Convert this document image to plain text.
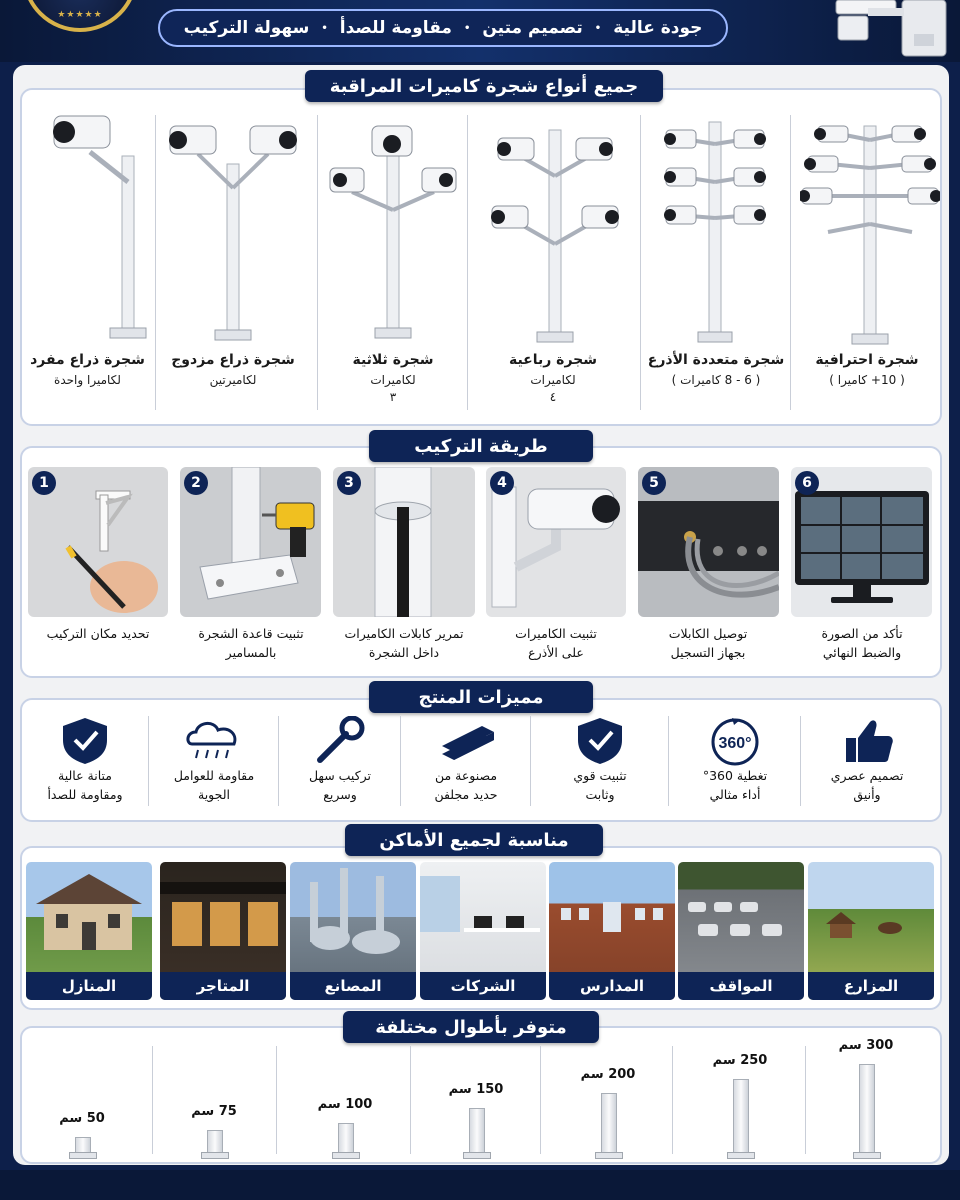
★★★★★
جودة عالية
•
تصميم متين
•
مقاومة للصدأ
•
سهولة التركيب
جميع أنواع شجرة كاميرات المراقبة
شجرة احترافية
( 10+ كاميرا )
شجرة متعددة الأذرع
( 6 - 8 كاميرات )
شجرة رباعية
لكاميرات
٤
شجرة ثلاثية
لكاميرات
٣
شجرة ذراع مزدوج
لكاميرتين
شجرة ذراع مفرد
لكاميرا واحدة
طريقة التركيب
1	2	3	4	5	6
تحديد مكان التركيب	تثبيت قاعدة الشجرة
بالمسامير
تمرير كابلات الكاميرات
داخل الشجرة
تثبيت الكاميرات
على الأذرع
توصيل الكابلات
بجهاز التسجيل
تأكد من الصورة
والضبط النهائي
مميزات المنتج
تصميم عصري
وأنيق
360°
تغطية 360°
أداء مثالي
تثبيت قوي
وثابت
مصنوعة من
حديد مجلفن
تركيب سهل
وسريع
مقاومة للعوامل
الجوية
متانة عالية
ومقاومة للصدأ
مناسبة لجميع الأماكن
المزارع
المواقف
المدارس
الشركات
المصانع
المتاجر
المنازل
متوفر بأطوال مختلفة
300 سم
250 سم
200 سم
150 سم
100 سم
75 سم
50 سم
